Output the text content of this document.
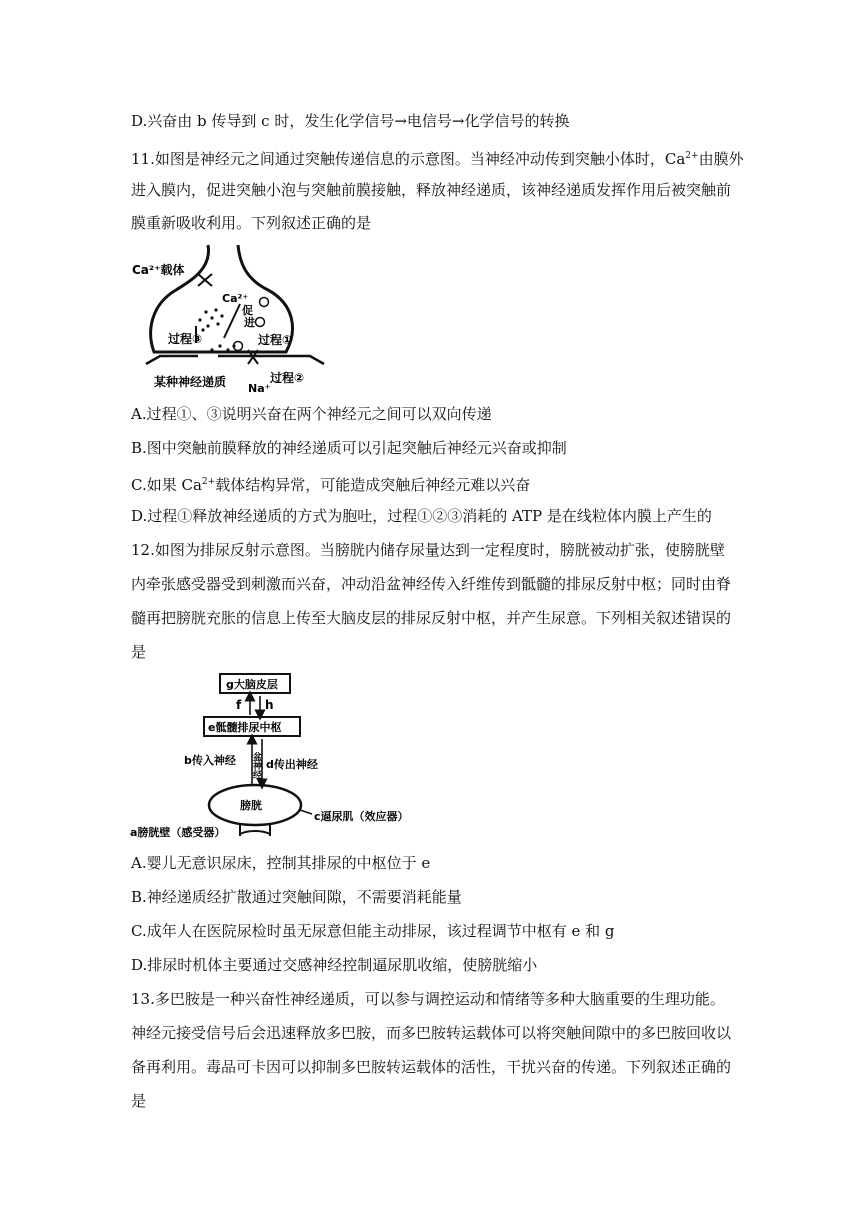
D.兴奋由 b 传导到 c 时，发生化学信号→电信号→化学信号的转换

11.如图是神经元之间通过突触传递信息的示意图。当神经冲动传到突触小体时，$Ca^{2+}$由膜外

进入膜内，促进突触小泡与突触前膜接触，释放神经递质，该神经递质发挥作用后被突触前

膜重新吸收利用。下列叙述正确的是

Ca²⁺载体
Ca²⁺
促
进
过程③	过程①
过程②
某种神经递质 Na⁺

A.过程①、③说明兴奋在两个神经元之间可以双向传递

B.图中突触前膜释放的神经递质可以引起突触后神经元兴奋或抑制

C.如果 $Ca^{2+}$载体结构异常，可能造成突触后神经元难以兴奋

D.过程①释放神经递质的方式为胞吐，过程①②③消耗的 ATP 是在线粒体内膜上产生的

12.如图为排尿反射示意图。当膀胱内储存尿量达到一定程度时，膀胱被动扩张，使膀胱壁

内牵张感受器受到刺激而兴奋，冲动沿盆神经传入纤维传到骶髓的排尿反射中枢；同时由脊

髓再把膀胱充胀的信息上传至大脑皮层的排尿反射中枢，并产生尿意。下列相关叙述错误的

是

g大脑皮层
f h
e骶髓排尿中枢
b传入神经 盆神经 d传出神经
膀胱
c逼尿肌（效应器）
a膀胱壁（感受器）

A.婴儿无意识尿床，控制其排尿的中枢位于 e

B.神经递质经扩散通过突触间隙，不需要消耗能量

C.成年人在医院尿检时虽无尿意但能主动排尿，该过程调节中枢有 e 和 g

D.排尿时机体主要通过交感神经控制逼尿肌收缩，使膀胱缩小

13.多巴胺是一种兴奋性神经递质，可以参与调控运动和情绪等多种大脑重要的生理功能。

神经元接受信号后会迅速释放多巴胺，而多巴胺转运载体可以将突触间隙中的多巴胺回收以

备再利用。毒品可卡因可以抑制多巴胺转运载体的活性，干扰兴奋的传递。下列叙述正确的

是
